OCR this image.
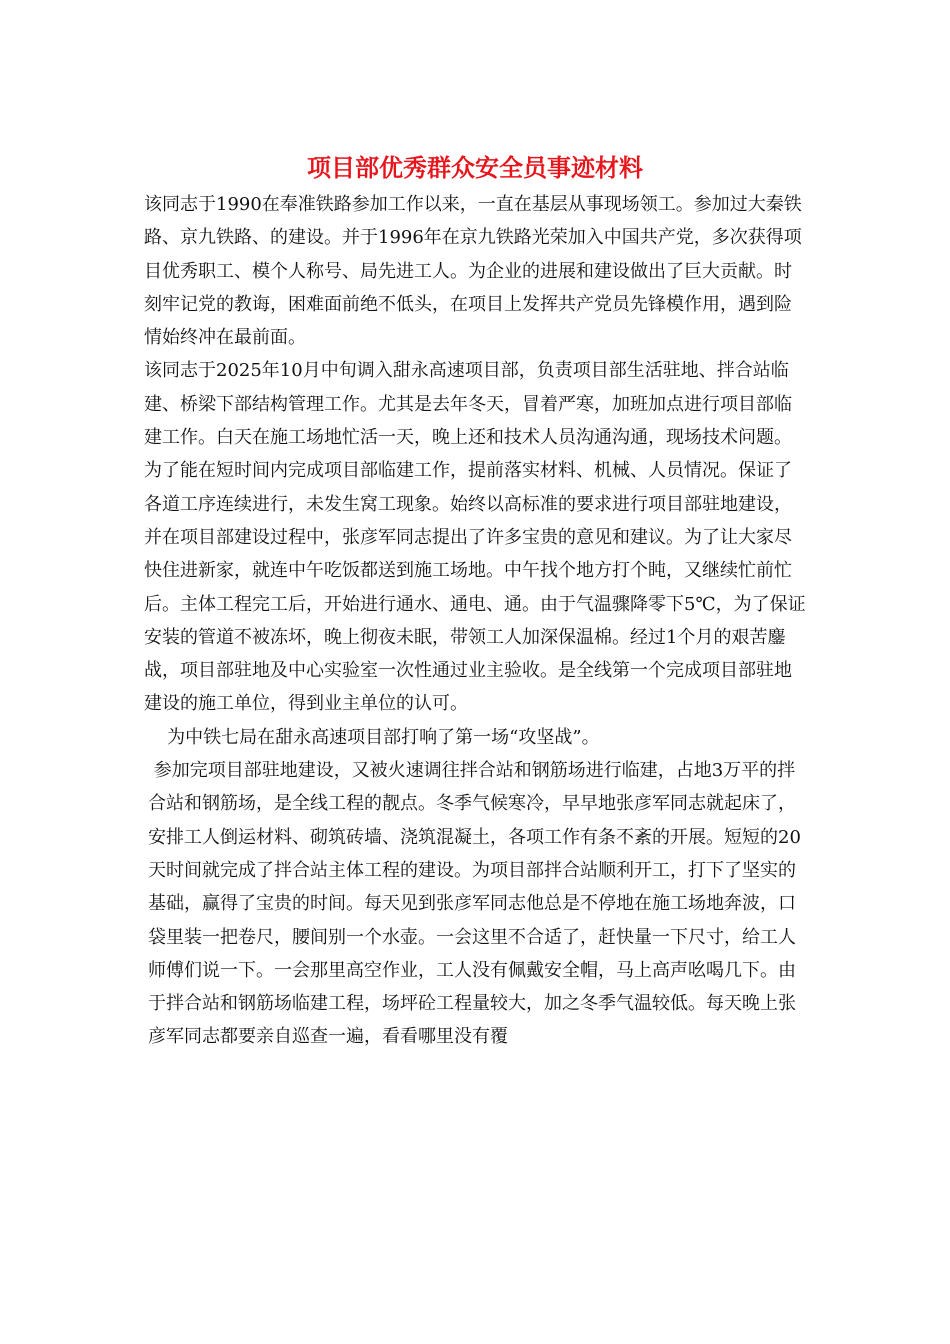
项目部优秀群众安全员事迹材料

该同志于1990在奉准铁路参加工作以来，一直在基层从事现场领工。参加过大秦铁路、京九铁路、的建设。并于1996年在京九铁路光荣加入中国共产党，多次获得项目优秀职工、模个人称号、局先进工人。为企业的进展和建设做出了巨大贡献。时刻牢记党的教诲，困难面前绝不低头，在项目上发挥共产党员先锋模作用，遇到险情始终冲在最前面。

该同志于2025年10月中旬调入甜永高速项目部，负责项目部生活驻地、拌合站临建、桥梁下部结构管理工作。尤其是去年冬天，冒着严寒，加班加点进行项目部临建工作。白天在施工场地忙活一天，晚上还和技术人员沟通沟通，现场技术问题。为了能在短时间内完成项目部临建工作，提前落实材料、机械、人员情况。保证了各道工序连续进行，未发生窝工现象。始终以高标准的要求进行项目部驻地建设，并在项目部建设过程中，张彦军同志提出了许多宝贵的意见和建议。为了让大家尽快住进新家，就连中午吃饭都送到施工场地。中午找个地方打个盹，又继续忙前忙后。主体工程完工后，开始进行通水、通电、通。由于气温骤降零下5℃，为了保证安装的管道不被冻坏，晚上彻夜未眠，带领工人加深保温棉。经过1个月的艰苦鏖战，项目部驻地及中心实验室一次性通过业主验收。是全线第一个完成项目部驻地建设的施工单位，得到业主单位的认可。

为中铁七局在甜永高速项目部打响了第一场“攻坚战”。

参加完项目部驻地建设，又被火速调往拌合站和钢筋场进行临建，占地3万平的拌合站和钢筋场，是全线工程的靓点。冬季气候寒冷，早早地张彦军同志就起床了，安排工人倒运材料、砌筑砖墙、浇筑混凝土，各项工作有条不紊的开展。短短的20天时间就完成了拌合站主体工程的建设。为项目部拌合站顺利开工，打下了坚实的基础，赢得了宝贵的时间。每天见到张彦军同志他总是不停地在施工场地奔波，口袋里装一把卷尺，腰间别一个水壶。一会这里不合适了，赶快量一下尺寸，给工人师傅们说一下。一会那里高空作业，工人没有佩戴安全帽，马上高声吆喝几下。由于拌合站和钢筋场临建工程，场坪砼工程量较大，加之冬季气温较低。每天晚上张彦军同志都要亲自巡查一遍，看看哪里没有覆
